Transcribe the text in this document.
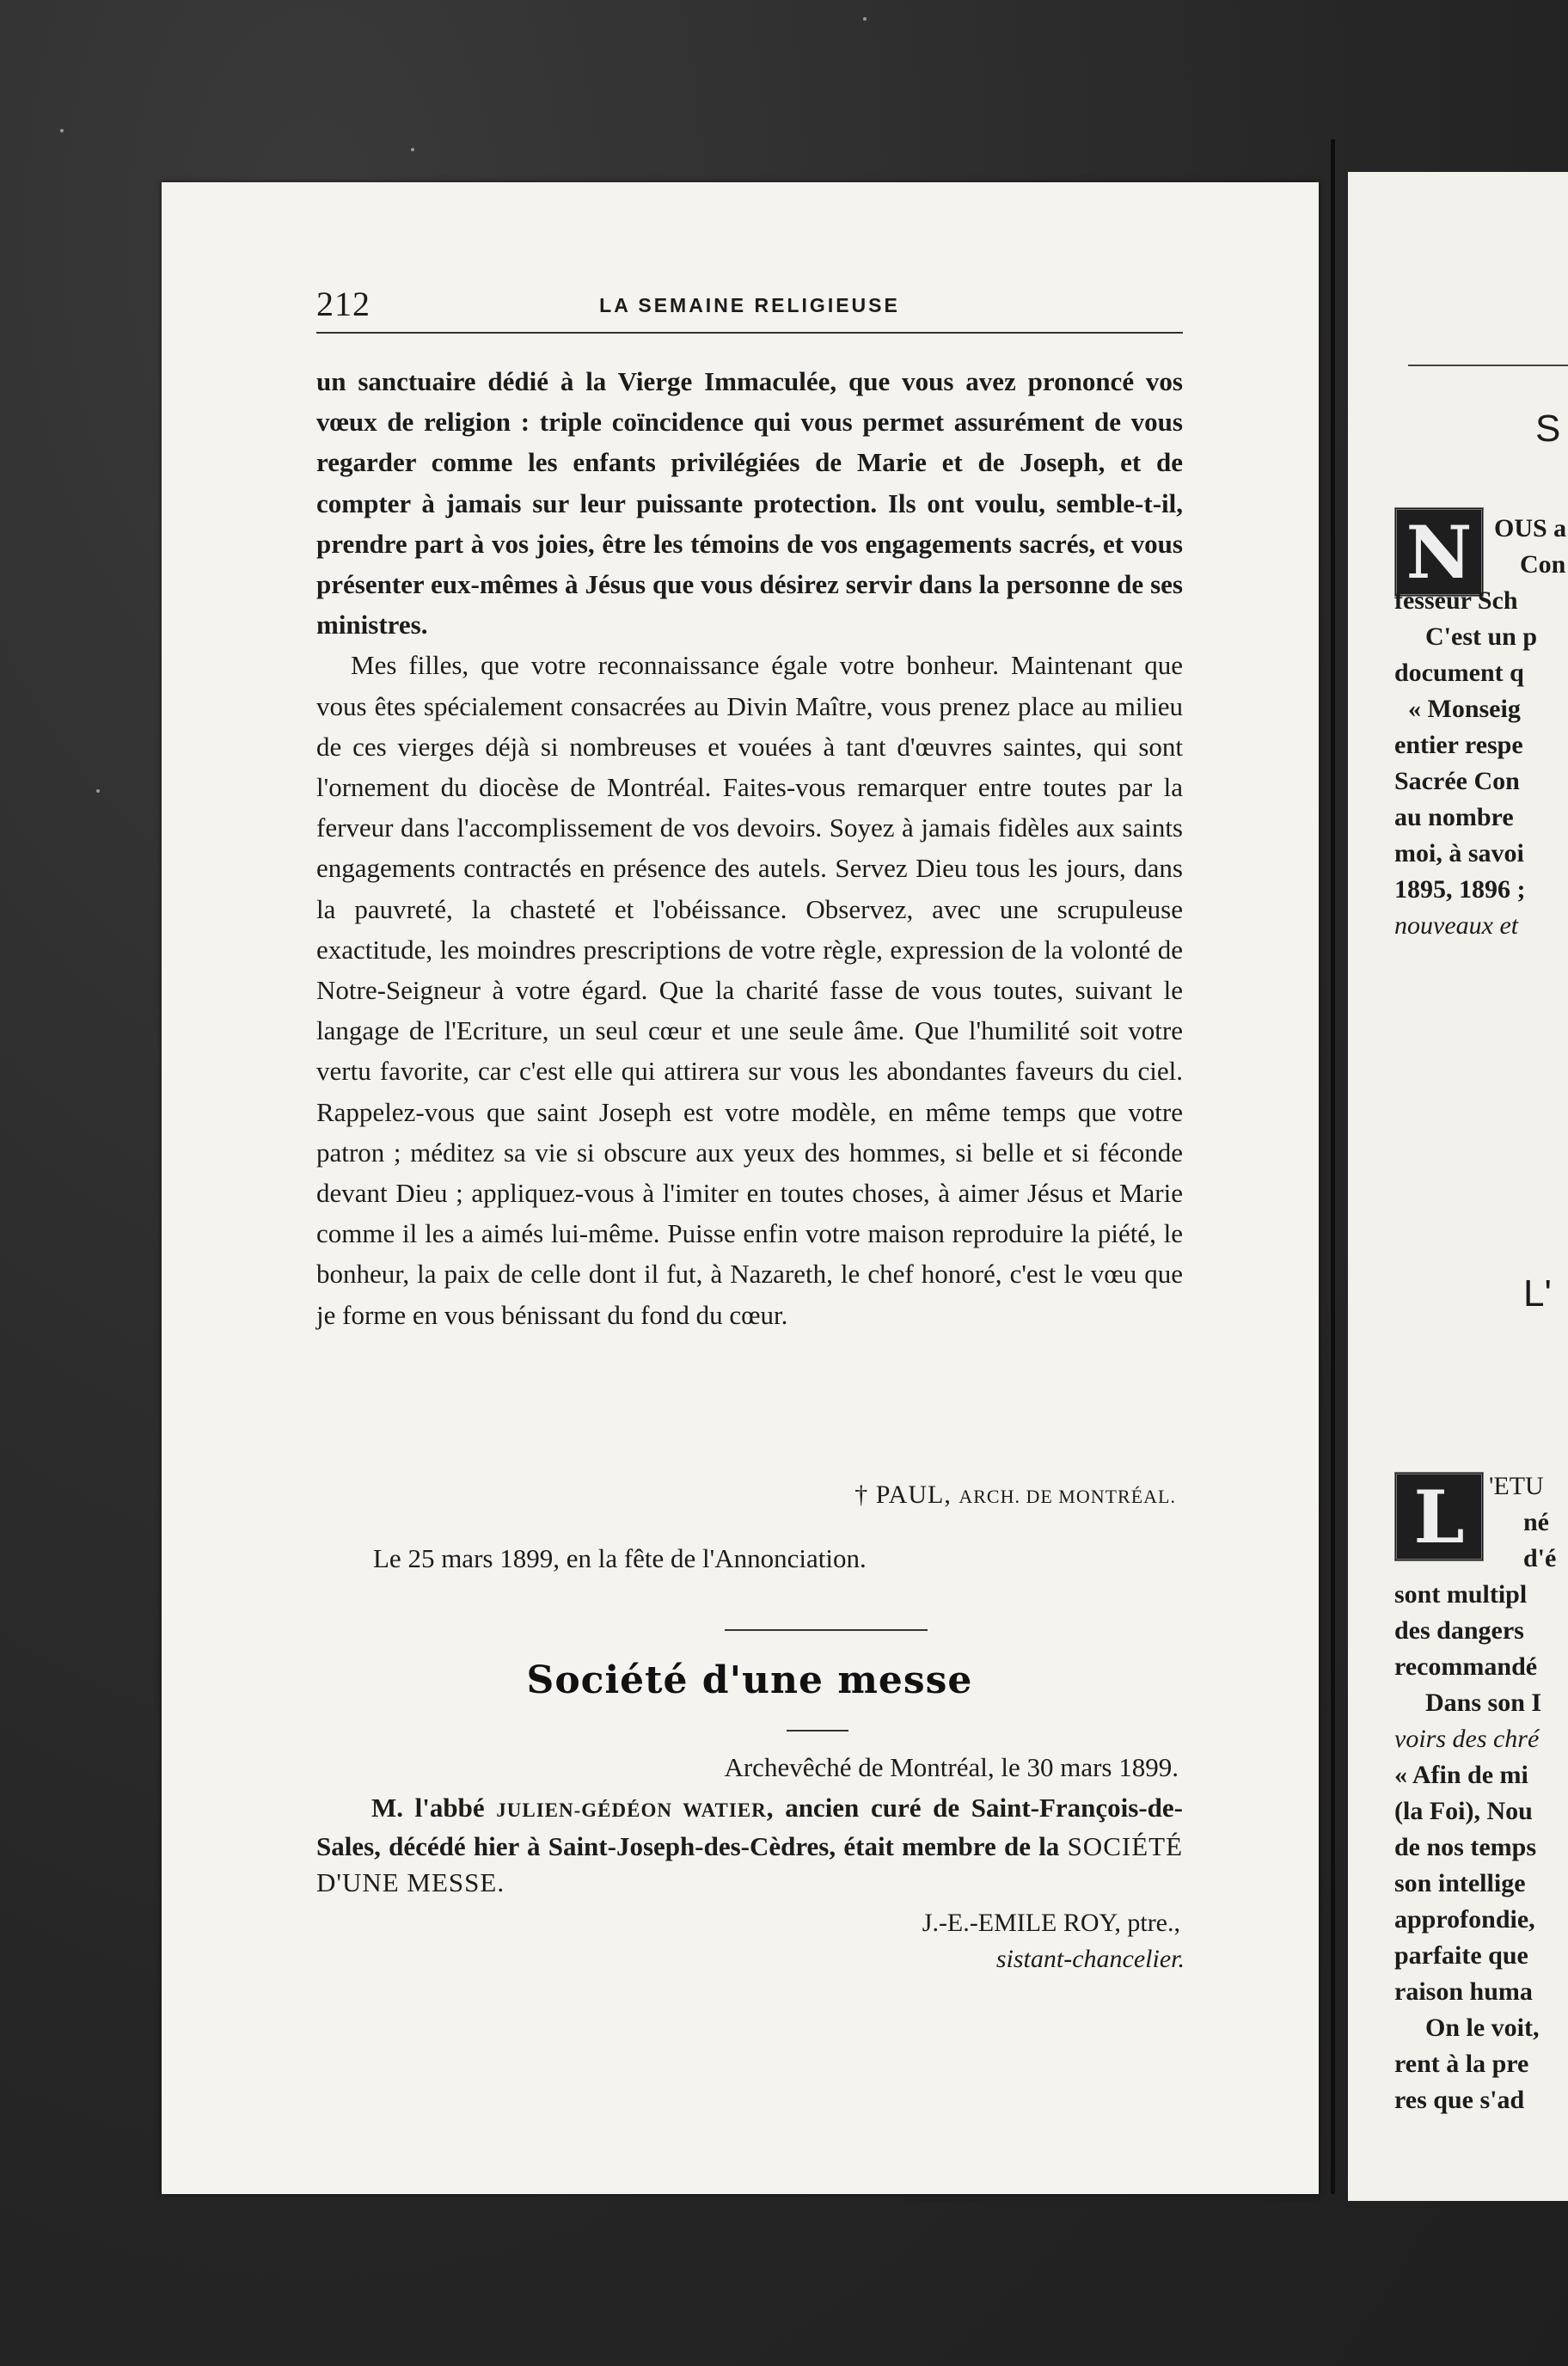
212	LA SEMAINE RELIGIEUSE

un sanctuaire dédié à la Vierge Immaculée, que vous avez prononcé vos vœux de religion : triple coïncidence qui vous permet assurément de vous regarder comme les enfants privilégiées de Marie et de Joseph, et de compter à jamais sur leur puissante protection. Ils ont voulu, semble-t-il, prendre part à vos joies, être les témoins de vos engagements sacrés, et vous présenter eux-mêmes à Jésus que vous désirez servir dans la personne de ses ministres.

Mes filles, que votre reconnaissance égale votre bonheur. Maintenant que vous êtes spécialement consacrées au Divin Maître, vous prenez place au milieu de ces vierges déjà si nombreuses et vouées à tant d'œuvres saintes, qui sont l'ornement du diocèse de Montréal. Faites-vous remarquer entre toutes par la ferveur dans l'accomplissement de vos devoirs. Soyez à jamais fidèles aux saints engagements contractés en présence des autels. Servez Dieu tous les jours, dans la pauvreté, la chasteté et l'obéissance. Observez, avec une scrupuleuse exactitude, les moindres prescriptions de votre règle, expression de la volonté de Notre-Seigneur à votre égard. Que la charité fasse de vous toutes, suivant le langage de l'Ecriture, un seul cœur et une seule âme. Que l'humilité soit votre vertu favorite, car c'est elle qui attirera sur vous les abondantes faveurs du ciel. Rappelez-vous que saint Joseph est votre modèle, en même temps que votre patron ; méditez sa vie si obscure aux yeux des hommes, si belle et si féconde devant Dieu ; appliquez-vous à l'imiter en toutes choses, à aimer Jésus et Marie comme il les a aimés lui-même. Puisse enfin votre maison reproduire la piété, le bonheur, la paix de celle dont il fut, à Nazareth, le chef honoré, c'est le vœu que je forme en vous bénissant du fond du cœur.

† PAUL, ARCH. DE MONTRÉAL.
Le 25 mars 1899, en la fête de l'Annonciation.
Société d'une messe
Archevêché de Montréal, le 30 mars 1899.

M. l'abbé JULIEN-GÉDÉON WATIER, ancien curé de Saint-François-de-Sales, décédé hier à Saint-Joseph-des-Cèdres, était membre de la SOCIÉTÉ D'UNE MESSE.

J.-E.-EMILE ROY, ptre.,
sistant-chancelier.
S
N OUS a
Con
fesseur Sch
C'est un p
document q
« Monseig
entier respe
Sacrée Con
au nombre
moi, à savoi
1895, 1896 ;
nouveaux et
L'
L 'ETU
né
d'é
sont multipl
des dangers
recommandé
Dans son I
voirs des chré
« Afin de mi
(la Foi), Nou
de nos temps
son intellige
approfondie,
parfaite que
raison huma
On le voit,
rent à la pre
res que s'ad
